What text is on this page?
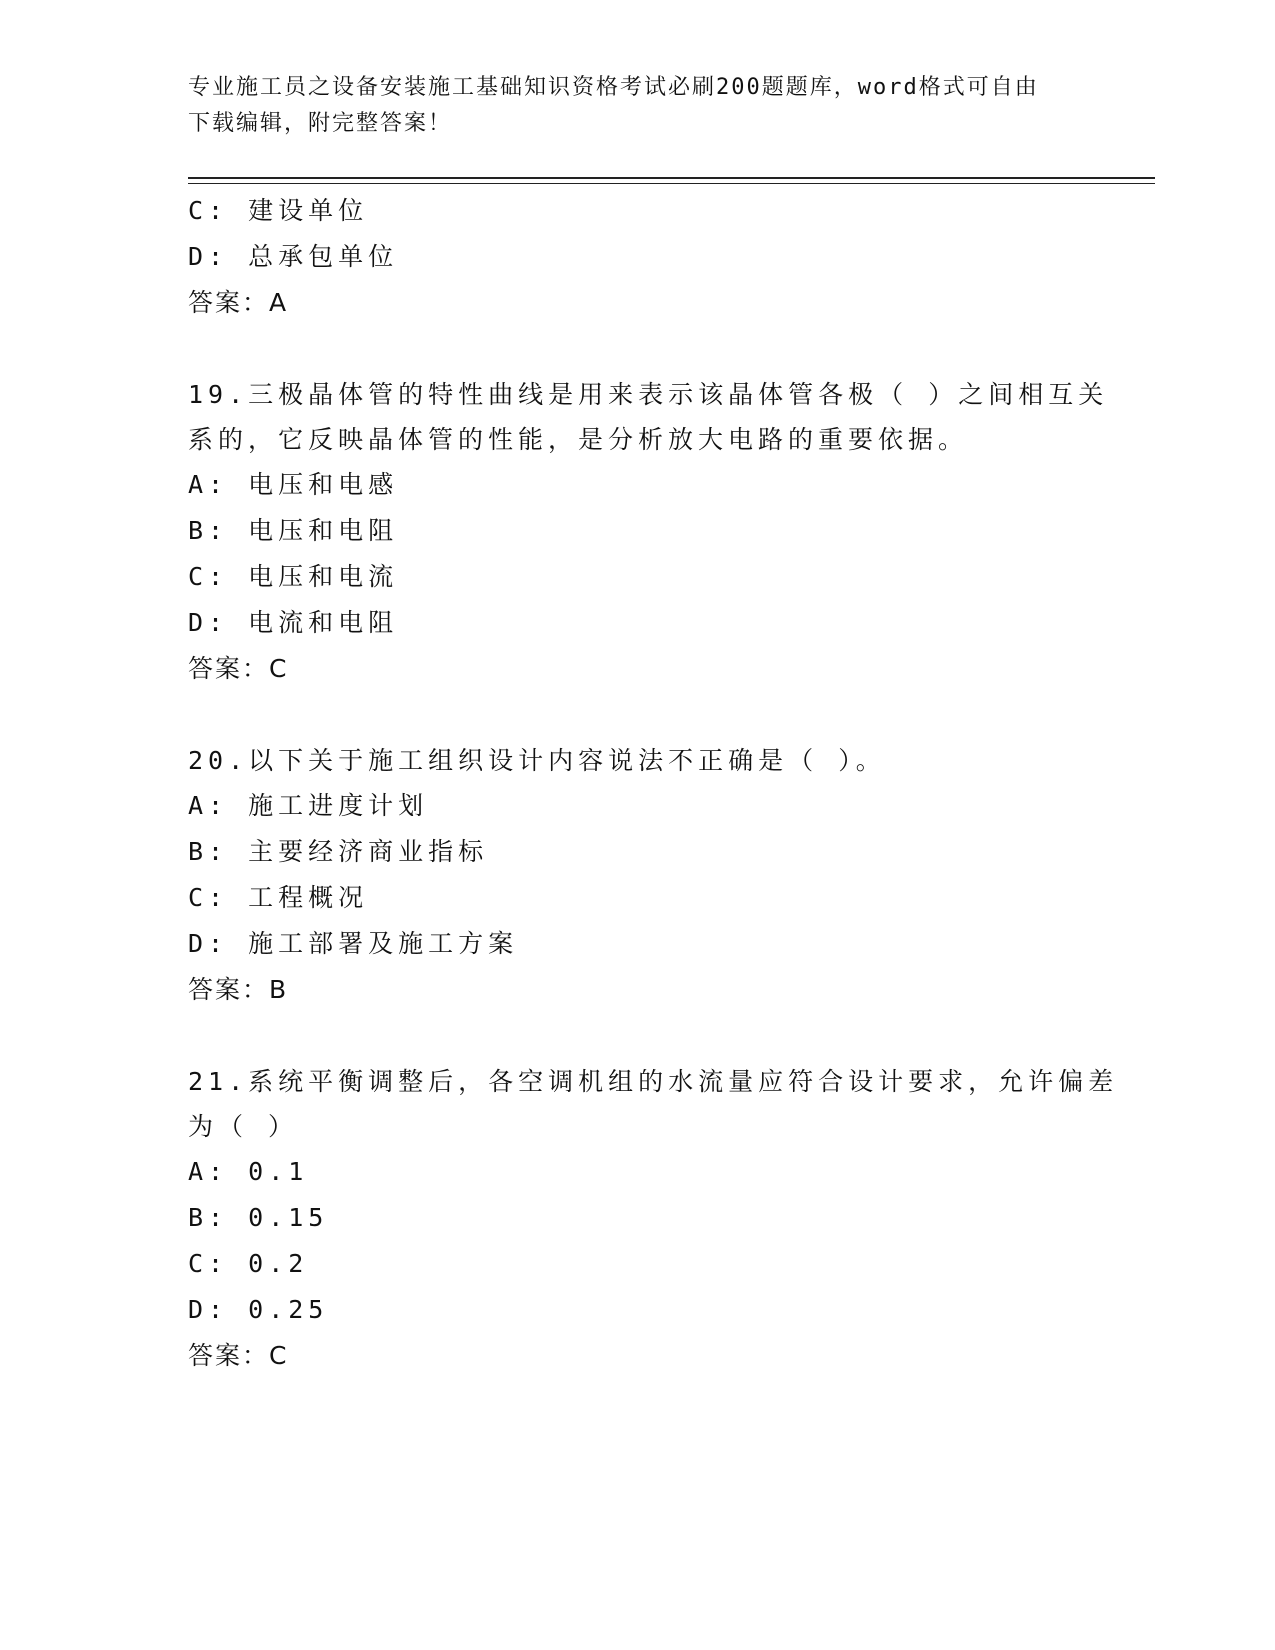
专业施工员之设备安装施工基础知识资格考试必刷200题题库，word格式可自由
下载编辑，附完整答案！
C: 建设单位
D: 总承包单位
答案：A
19.三极晶体管的特性曲线是用来表示该晶体管各极（ ）之间相互关
系的，它反映晶体管的性能，是分析放大电路的重要依据。
A: 电压和电感
B: 电压和电阻
C: 电压和电流
D: 电流和电阻
答案：C
20.以下关于施工组织设计内容说法不正确是（ ）。
A: 施工进度计划
B: 主要经济商业指标
C: 工程概况
D: 施工部署及施工方案
答案：B
21.系统平衡调整后，各空调机组的水流量应符合设计要求，允许偏差
为（ ）
A: 0.1
B: 0.15
C: 0.2
D: 0.25
答案：C
